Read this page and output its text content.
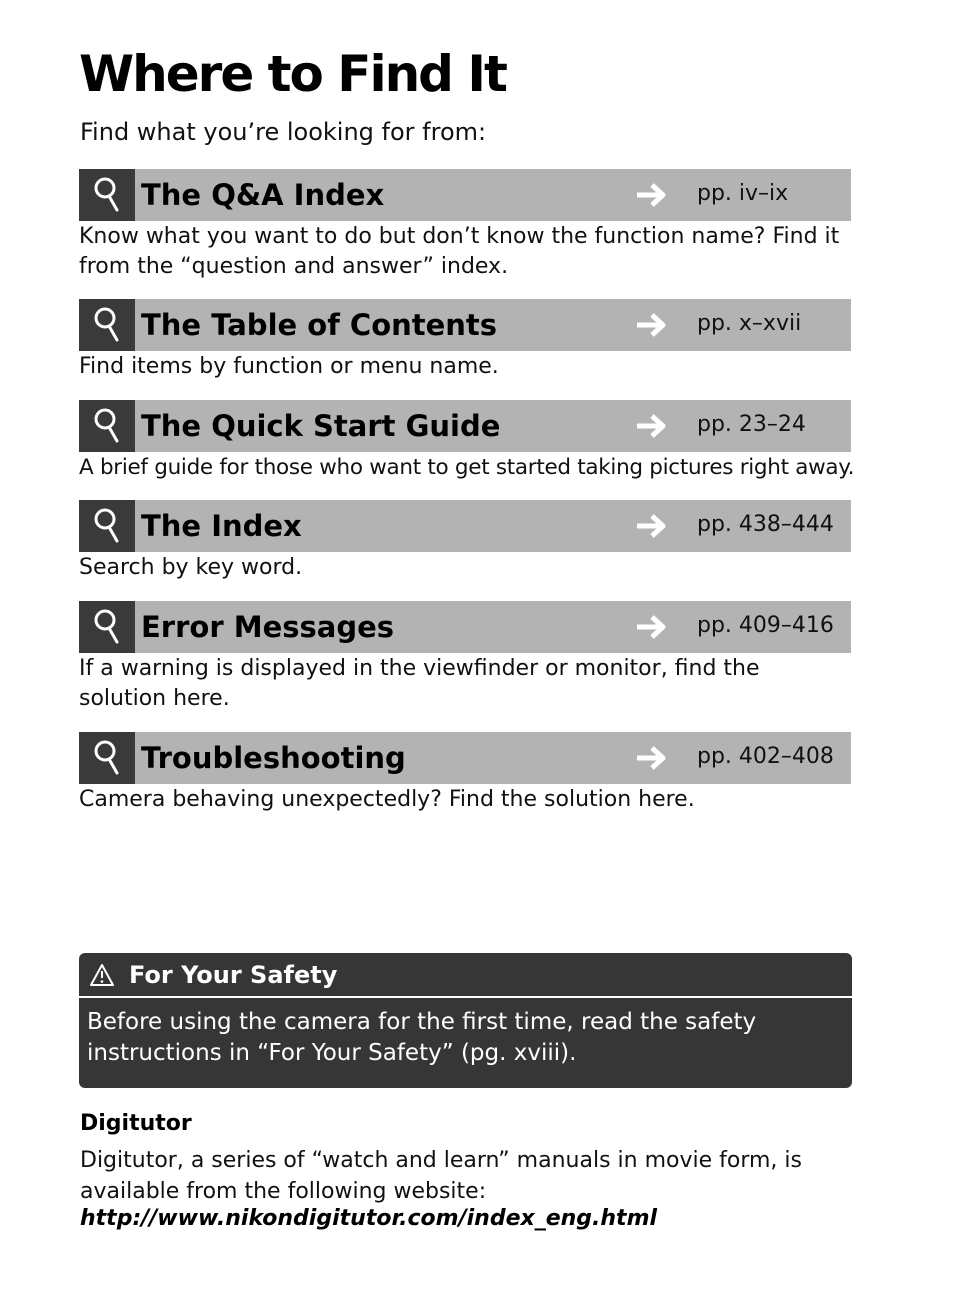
Where to Find It
Find what you’re looking for from:
The Q&A Index	pp. iv–ix

Know what you want to do but don’t know the function name? Find it from the “question and answer” index.

The Table of Contents	pp. x–xvii

Find items by function or menu name.

The Quick Start Guide	pp. 23–24

A brief guide for those who want to get started taking pictures right away.

The Index	pp. 438–444

Search by key word.

Error Messages	pp. 409–416

If a warning is displayed in the viewfinder or monitor, find the solution here.

Troubleshooting	pp. 402–408

Camera behaving unexpectedly? Find the solution here.

For Your Safety
Before using the camera for the first time, read the safety instructions in “For Your Safety” (pg. xviii).
Digitutor

Digitutor, a series of “watch and learn” manuals in movie form, is available from the following website:

http://www.nikondigitutor.com/index_eng.html
